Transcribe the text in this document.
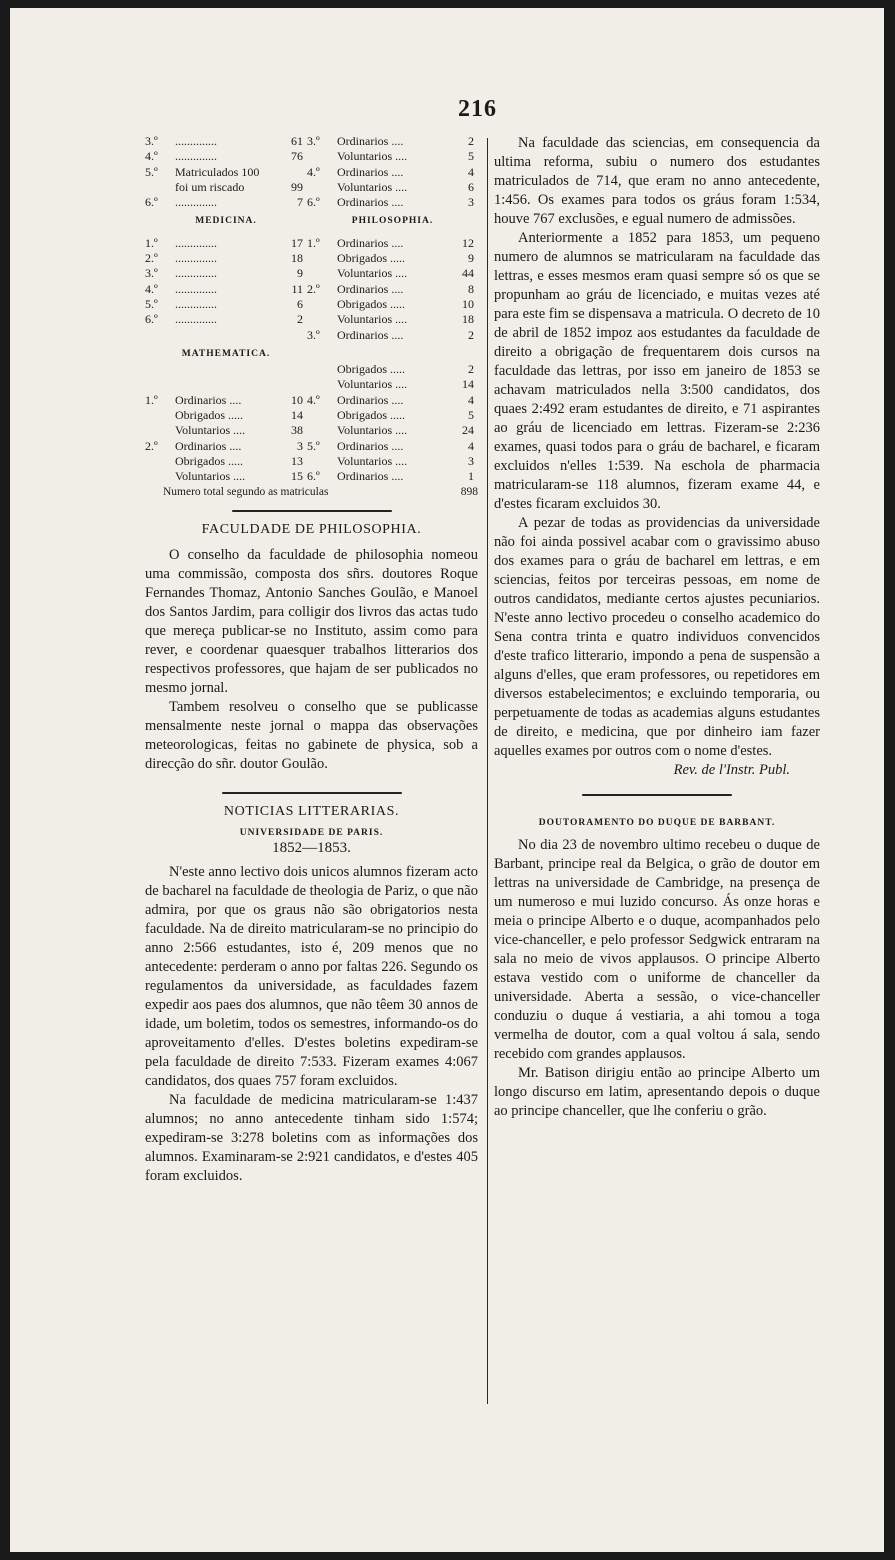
216
3.º	..............	61	3.º	Ordinarios ....	2
4.º	..............	76		Voluntarios ....	5
5.º	Matriculados 100		4.º	Ordinarios ....	4
	foi um riscado	99		Voluntarios ....	6
6.º	..............	7	6.º	Ordinarios ....	3
MEDICINA.			PHILOSOPHIA.		
1.º	..............	17	1.º	Ordinarios ....	12
2.º	..............	18		Obrigados .....	9
3.º	..............	9		Voluntarios ....	44
4.º	..............	11	2.º	Ordinarios ....	8
5.º	..............	6		Obrigados .....	10
6.º	..............	2		Voluntarios ....	18
			3.º	Ordinarios ....	2
MATHEMATICA.					
				Obrigados .....	2
				Voluntarios ....	14
1.º	Ordinarios ....	10	4.º	Ordinarios ....	4
	Obrigados .....	14		Obrigados .....	5
	Voluntarios ....	38		Voluntarios ....	24
2.º	Ordinarios ....	3	5.º	Ordinarios ....	4
	Obrigados .....	13		Voluntarios ....	3
	Voluntarios ....	15	6.º	Ordinarios ....	1
Numero total segundo as matriculas	898
FACULDADE DE PHILOSOPHIA.

O conselho da faculdade de philosophia nomeou uma commissão, composta dos sñrs. doutores Roque Fernandes Thomaz, Antonio Sanches Goulão, e Manoel dos Santos Jardim, para colligir dos livros das actas tudo que mereça publicar-se no Instituto, assim como para rever, e coordenar quaesquer trabalhos litterarios dos respectivos professores, que hajam de ser publicados no mesmo jornal.

Tambem resolveu o conselho que se publicasse mensalmente neste jornal o mappa das observações meteorologicas, feitas no gabinete de physica, sob a direcção do sñr. doutor Goulão.

NOTICIAS LITTERARIAS.
UNIVERSIDADE DE PARIS.
1852—1853.

N'este anno lectivo dois unicos alumnos fizeram acto de bacharel na faculdade de theologia de Pariz, o que não admira, por que os graus não são obrigatorios nesta faculdade. Na de direito matricularam-se no principio do anno 2:566 estudantes, isto é, 209 menos que no antecedente: perderam o anno por faltas 226. Segundo os regulamentos da universidade, as faculdades fazem expedir aos paes dos alumnos, que não têem 30 annos de idade, um boletim, todos os semestres, informando-os do aproveitamento d'elles. D'estes boletins expediram-se pela faculdade de direito 7:533. Fizeram exames 4:067 candidatos, dos quaes 757 foram excluidos.

Na faculdade de medicina matricularam-se 1:437 alumnos; no anno antecedente tinham sido 1:574; expediram-se 3:278 boletins com as informações dos alumnos. Examinaram-se 2:921 candidatos, e d'estes 405 foram excluidos.

Na faculdade das sciencias, em consequencia da ultima reforma, subiu o numero dos estudantes matriculados de 714, que eram no anno antecedente, 1:456. Os exames para todos os gráus foram 1:534, houve 767 exclusões, e egual numero de admissões.

Anteriormente a 1852 para 1853, um pequeno numero de alumnos se matricularam na faculdade das lettras, e esses mesmos eram quasi sempre só os que se propunham ao gráu de licenciado, e muitas vezes até para este fim se dispensava a matricula. O decreto de 10 de abril de 1852 impoz aos estudantes da faculdade de direito a obrigação de frequentarem dois cursos na faculdade das lettras, por isso em janeiro de 1853 se achavam matriculados nella 3:500 candidatos, dos quaes 2:492 eram estudantes de direito, e 71 aspirantes ao gráu de licenciado em lettras. Fizeram-se 2:236 exames, quasi todos para o gráu de bacharel, e ficaram excluidos n'elles 1:539. Na eschola de pharmacia matricularam-se 118 alumnos, fizeram exame 44, e d'estes ficaram excluidos 30.

A pezar de todas as providencias da universidade não foi ainda possivel acabar com o gravissimo abuso dos exames para o gráu de bacharel em lettras, e em sciencias, feitos por terceiras pessoas, em nome de outros candidatos, mediante certos ajustes pecuniarios. N'este anno lectivo procedeu o conselho academico do Sena contra trinta e quatro individuos convencidos d'este trafico litterario, impondo a pena de suspensão a alguns d'elles, que eram professores, ou repetidores em diversos estabelecimentos; e excluindo temporaria, ou perpetuamente de todas as academias alguns estudantes de direito, e medicina, que por dinheiro iam fazer aquelles exames por outros com o nome d'estes.

Rev. de l'Instr. Publ.
DOUTORAMENTO DO DUQUE DE BARBANT.

No dia 23 de novembro ultimo recebeu o duque de Barbant, principe real da Belgica, o grão de doutor em lettras na universidade de Cambridge, na presença de um numeroso e mui luzido concurso. Ás onze horas e meia o principe Alberto e o duque, acompanhados pelo vice-chanceller, e pelo professor Sedgwick entraram na sala no meio de vivos applausos. O principe Alberto estava vestido com o uniforme de chanceller da universidade. Aberta a sessão, o vice-chanceller conduziu o duque á vestiaria, a ahi tomou a toga vermelha de doutor, com a qual voltou á sala, sendo recebido com grandes applausos.

Mr. Batison dirigiu então ao principe Alberto um longo discurso em latim, apresentando depois o duque ao principe chanceller, que lhe conferiu o grão.
